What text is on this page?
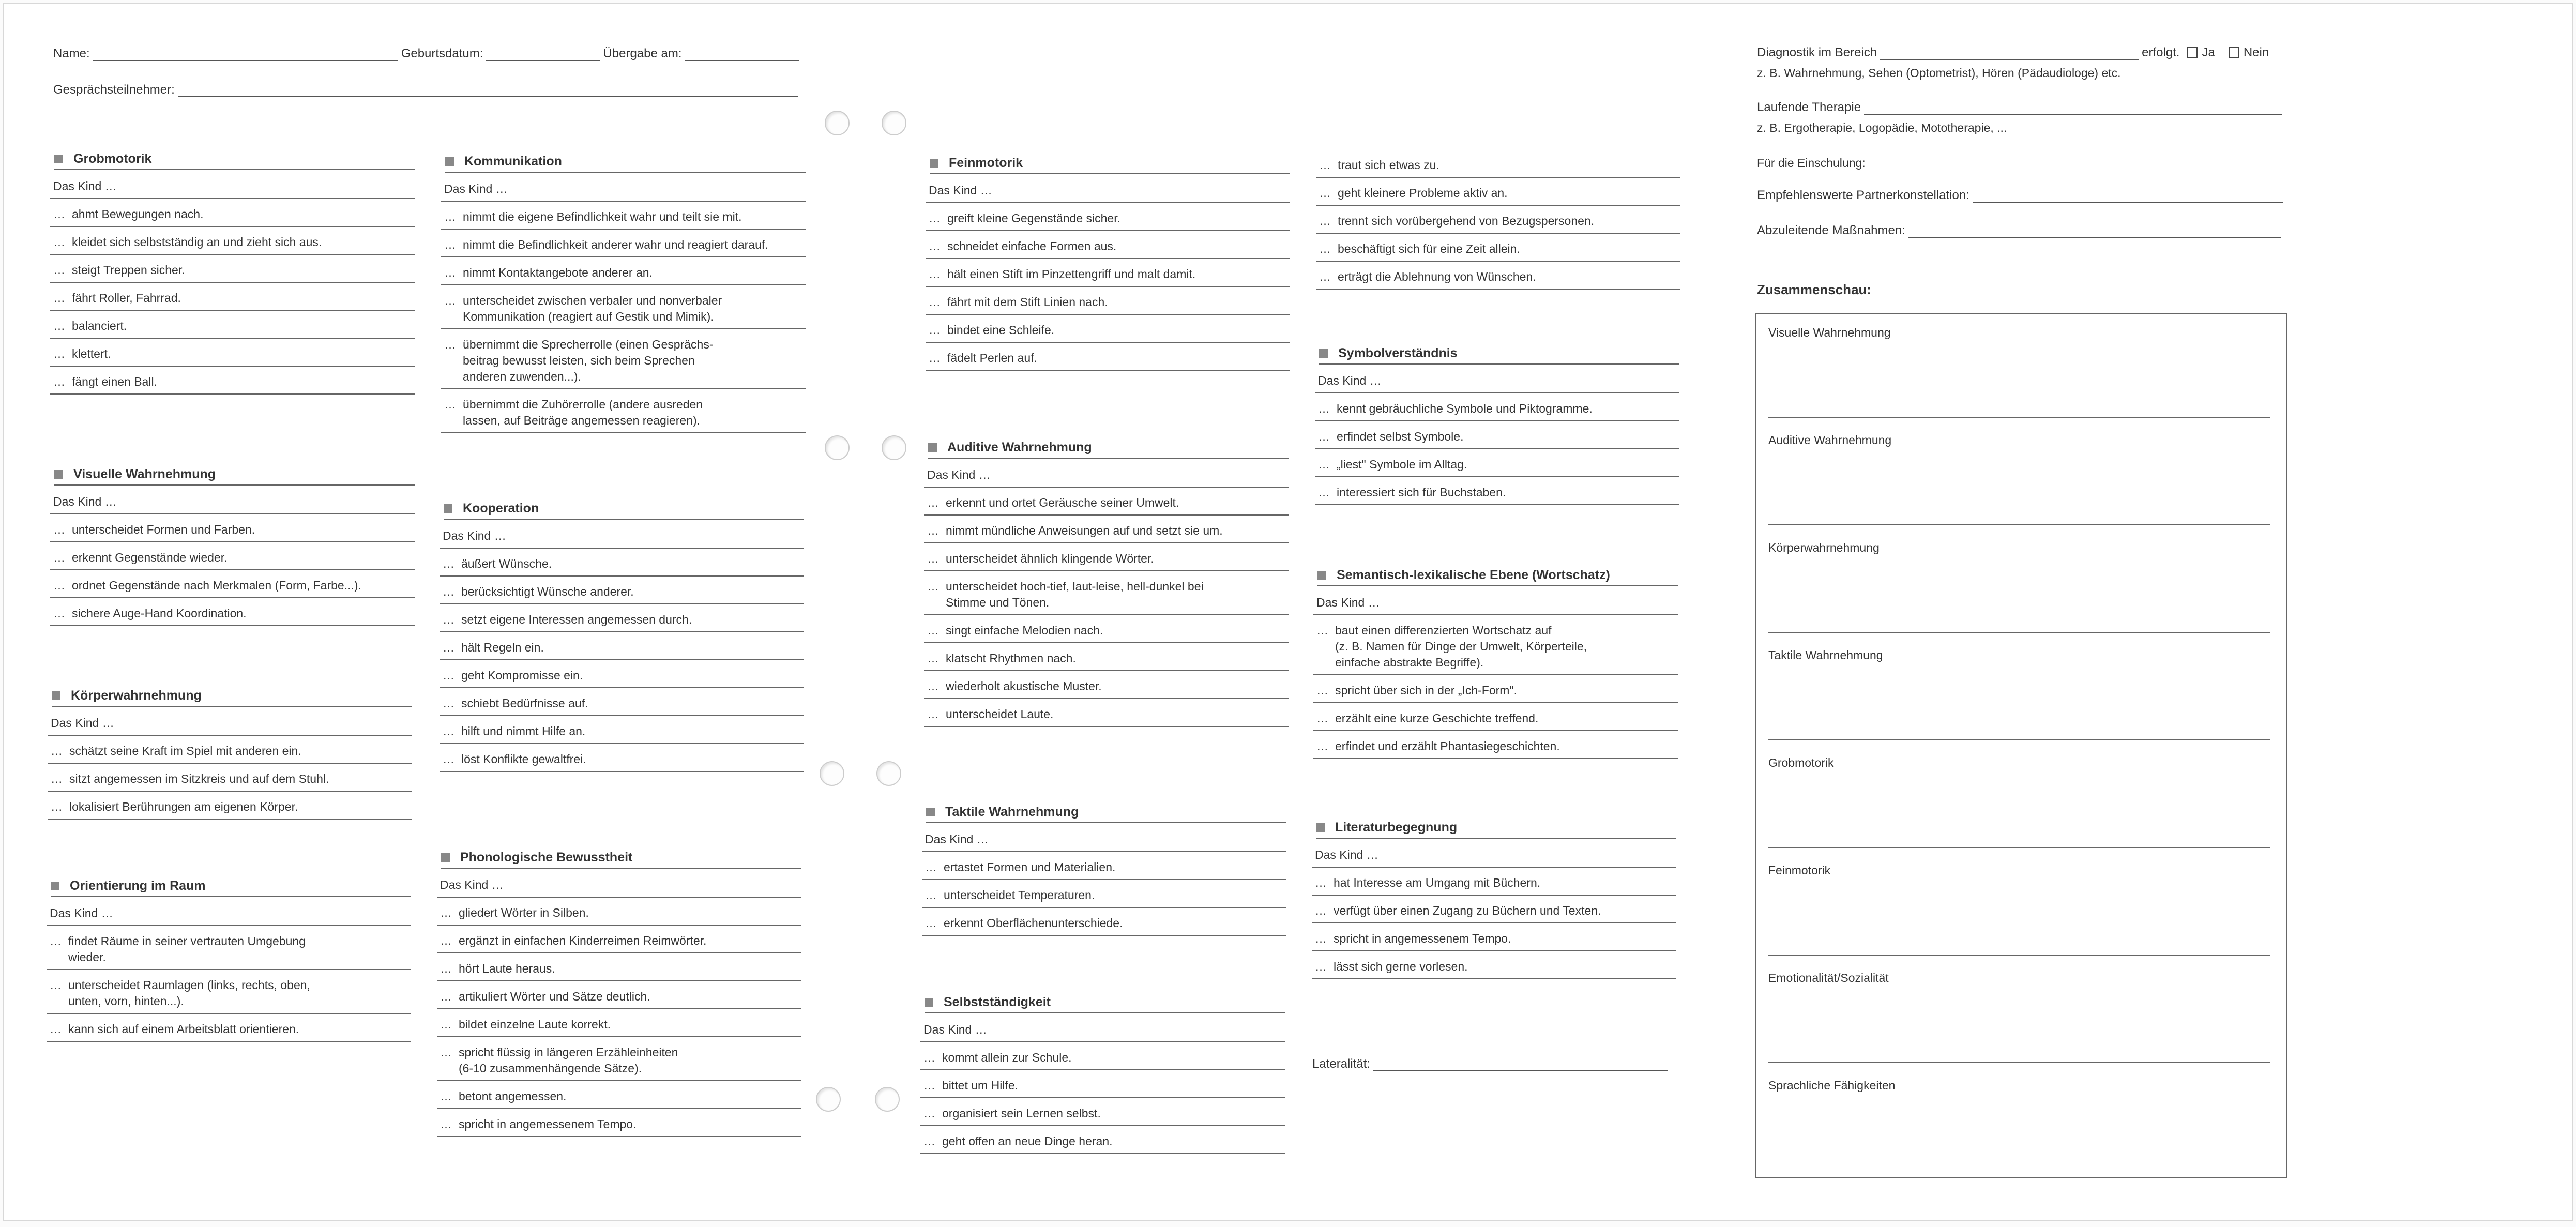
Name:	Geburtsdatum:	Übergabe am:
Gesprächsteilnehmer:
Grobmotorik
Das Kind …
… ahmt Bewegungen nach.
… kleidet sich selbstständig an und zieht sich aus.
… steigt Treppen sicher.
… fährt Roller, Fahrrad.
… balanciert.
… klettert.
… fängt einen Ball.
Visuelle Wahrnehmung
Das Kind …
… unterscheidet Formen und Farben.
… erkennt Gegenstände wieder.
… ordnet Gegenstände nach Merkmalen (Form, Farbe...).
… sichere Auge-Hand Koordination.
Körperwahrnehmung
Das Kind …
… schätzt seine Kraft im Spiel mit anderen ein.
… sitzt angemessen im Sitzkreis und auf dem Stuhl.
… lokalisiert Berührungen am eigenen Körper.
Orientierung im Raum
Das Kind …
… findet Räume in seiner vertrauten Umgebung
wieder.
… unterscheidet Raumlagen (links, rechts, oben,
unten, vorn, hinten...).
… kann sich auf einem Arbeitsblatt orientieren.
Kommunikation
Das Kind …
… nimmt die eigene Befindlichkeit wahr und teilt sie mit.
… nimmt die Befindlichkeit anderer wahr und reagiert darauf.
… nimmt Kontaktangebote anderer an.
… unterscheidet zwischen verbaler und nonverbaler
Kommunikation (reagiert auf Gestik und Mimik).
… übernimmt die Sprecherrolle (einen Gesprächs-
beitrag bewusst leisten, sich beim Sprechen
anderen zuwenden...).
… übernimmt die Zuhörerrolle (andere ausreden
lassen, auf Beiträge angemessen reagieren).
Kooperation
Das Kind …
… äußert Wünsche.
… berücksichtigt Wünsche anderer.
… setzt eigene Interessen angemessen durch.
… hält Regeln ein.
… geht Kompromisse ein.
… schiebt Bedürfnisse auf.
… hilft und nimmt Hilfe an.
… löst Konflikte gewaltfrei.
Phonologische Bewusstheit
Das Kind …
… gliedert Wörter in Silben.
… ergänzt in einfachen Kinderreimen Reimwörter.
… hört Laute heraus.
… artikuliert Wörter und Sätze deutlich.
… bildet einzelne Laute korrekt.
… spricht flüssig in längeren Erzähleinheiten
(6-10 zusammenhängende Sätze).
… betont angemessen.
… spricht in angemessenem Tempo.
Feinmotorik
Das Kind …
… greift kleine Gegenstände sicher.
… schneidet einfache Formen aus.
… hält einen Stift im Pinzettengriff und malt damit.
… fährt mit dem Stift Linien nach.
… bindet eine Schleife.
… fädelt Perlen auf.
Auditive Wahrnehmung
Das Kind …
… erkennt und ortet Geräusche seiner Umwelt.
… nimmt mündliche Anweisungen auf und setzt sie um.
… unterscheidet ähnlich klingende Wörter.
… unterscheidet hoch-tief, laut-leise, hell-dunkel bei
Stimme und Tönen.
… singt einfache Melodien nach.
… klatscht Rhythmen nach.
… wiederholt akustische Muster.
… unterscheidet Laute.
Taktile Wahrnehmung
Das Kind …
… ertastet Formen und Materialien.
… unterscheidet Temperaturen.
… erkennt Oberflächenunterschiede.
Selbstständigkeit
Das Kind …
… kommt allein zur Schule.
… bittet um Hilfe.
… organisiert sein Lernen selbst.
… geht offen an neue Dinge heran.
… traut sich etwas zu.
… geht kleinere Probleme aktiv an.
… trennt sich vorübergehend von Bezugspersonen.
… beschäftigt sich für eine Zeit allein.
… erträgt die Ablehnung von Wünschen.
Symbolverständnis
Das Kind …
… kennt gebräuchliche Symbole und Piktogramme.
… erfindet selbst Symbole.
… „liest" Symbole im Alltag.
… interessiert sich für Buchstaben.
Semantisch-lexikalische Ebene (Wortschatz)
Das Kind …
… baut einen differenzierten Wortschatz auf
(z. B. Namen für Dinge der Umwelt, Körperteile,
einfache abstrakte Begriffe).
… spricht über sich in der „Ich-Form".
… erzählt eine kurze Geschichte treffend.
… erfindet und erzählt Phantasiegeschichten.
Literaturbegegnung
Das Kind …
… hat Interesse am Umgang mit Büchern.
… verfügt über einen Zugang zu Büchern und Texten.
… spricht in angemessenem Tempo.
… lässt sich gerne vorlesen.
Lateralität:
Diagnostik im Bereich	erfolgt. Ja Nein
z. B. Wahrnehmung, Sehen (Optometrist), Hören (Pädaudiologe) etc.
Laufende Therapie
z. B. Ergotherapie, Logopädie, Mototherapie, ...
Für die Einschulung:
Empfehlenswerte Partnerkonstellation:
Abzuleitende Maßnahmen:
Zusammenschau:
Visuelle Wahrnehmung
Auditive Wahrnehmung
Körperwahrnehmung
Taktile Wahrnehmung
Grobmotorik
Feinmotorik
Emotionalität/Sozialität
Sprachliche Fähigkeiten
